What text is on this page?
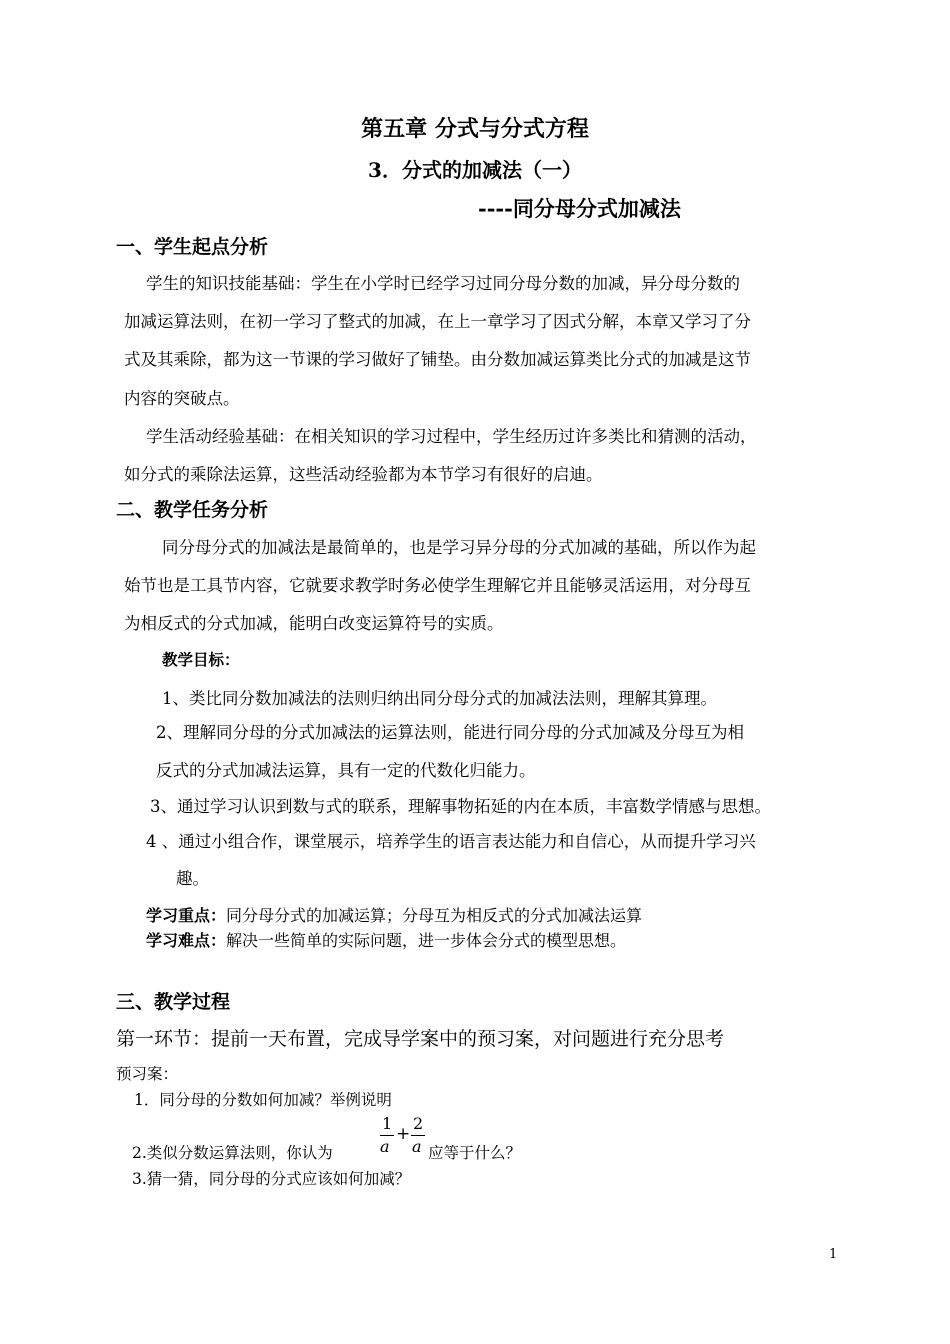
第五章 分式与分式方程
3．分式的加减法（一）
----同分母分式加减法
一、学生起点分析
学生的知识技能基础：学生在小学时已经学习过同分母分数的加减，异分母分数的
加减运算法则，在初一学习了整式的加减，在上一章学习了因式分解，本章又学习了分
式及其乘除，都为这一节课的学习做好了铺垫。由分数加减运算类比分式的加减是这节
内容的突破点。
学生活动经验基础：在相关知识的学习过程中，学生经历过许多类比和猜测的活动，
如分式的乘除法运算，这些活动经验都为本节学习有很好的启迪。
二、教学任务分析
同分母分式的加减法是最简单的，也是学习异分母的分式加减的基础，所以作为起
始节也是工具节内容，它就要求教学时务必使学生理解它并且能够灵活运用，对分母互
为相反式的分式加减，能明白改变运算符号的实质。
教学目标：
1、类比同分数加减法的法则归纳出同分母分式的加减法法则，理解其算理。
2、理解同分母的分式加减法的运算法则，能进行同分母的分式加减及分母互为相
反式的分式加减法运算，具有一定的代数化归能力。
3、通过学习认识到数与式的联系，理解事物拓延的内在本质，丰富数学情感与思想。
4 、通过小组合作，课堂展示，培养学生的语言表达能力和自信心，从而提升学习兴
趣。
学习重点：同分母分式的加减运算；分母互为相反式的分式加减法运算
学习难点：解决一些简单的实际问题，进一步体会分式的模型思想。
三、教学过程
第一环节：提前一天布置，完成导学案中的预习案，对问题进行充分思考
预习案：
1．同分母的分数如何加减？举例说明
2.类似分数运算法则，你认为
1
a
+
2
a 应等于什么？
3.猜一猜，同分母的分式应该如何加减？
1
